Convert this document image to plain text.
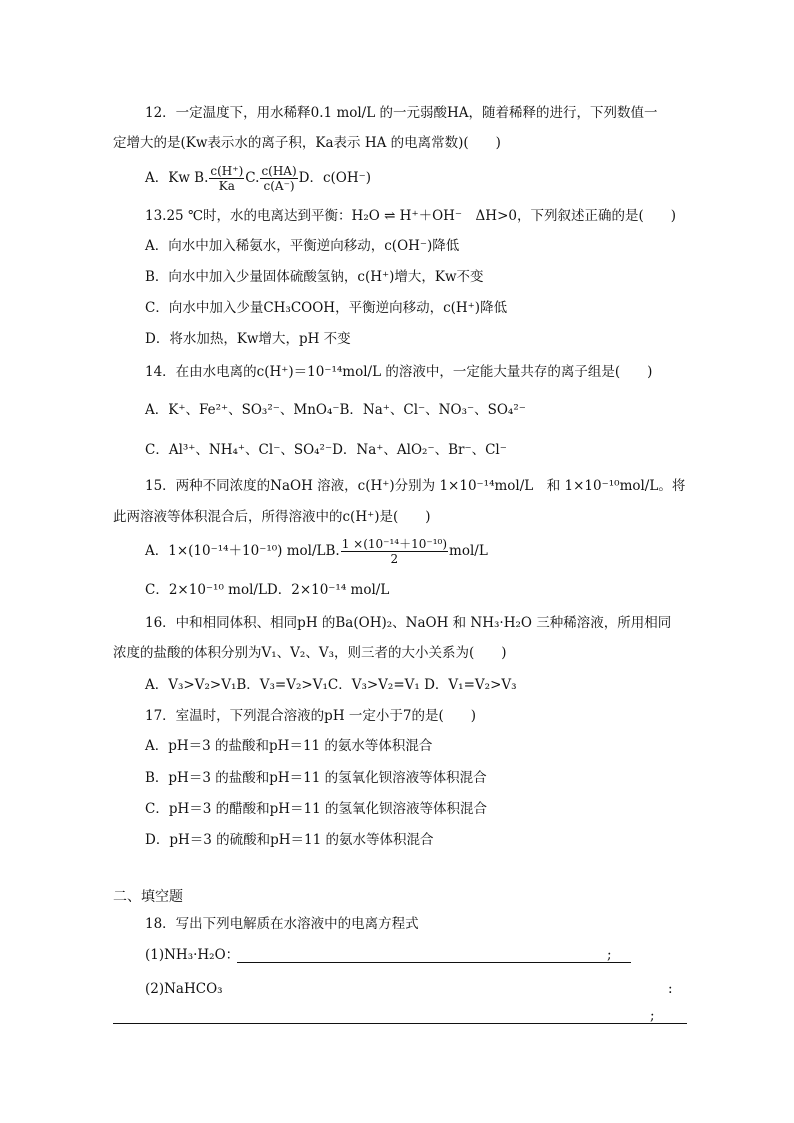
12．一定温度下，用水稀释0.1 mol/L 的一元弱酸HA，随着稀释的进行，下列数值一
定增大的是(Kw表示水的离子积，Ka表示 HA 的电离常数)(　　)
A．Kw B. $\frac{c(H^+)}{Ka} C$. $\frac{c(HA)}{c(A^-)}$ D．c(OH⁻)
13.25 ℃时，水的电离达到平衡：H₂O ⇌ H⁺＋OH⁻　ΔH>0，下列叙述正确的是(　　)
A．向水中加入稀氨水，平衡逆向移动，c(OH⁻)降低
B．向水中加入少量固体硫酸氢钠，c(H⁺)增大，Kw不变
C．向水中加入少量CH₃COOH，平衡逆向移动，c(H⁺)降低
D．将水加热，Kw增大，pH 不变
14．在由水电离的c(H⁺)＝10⁻¹⁴mol/L 的溶液中，一定能大量共存的离子组是(　　)
A．K⁺、Fe²⁺、SO₃²⁻、MnO₄⁻B．Na⁺、Cl⁻、NO₃⁻、SO₄²⁻
C．Al³⁺、NH₄⁺、Cl⁻、SO₄²⁻D．Na⁺、AlO₂⁻、Br⁻、Cl⁻
15．两种不同浓度的NaOH 溶液，c(H⁺)分别为 1×10⁻¹⁴mol/L　和 1×10⁻¹⁰mol/L。将
此两溶液等体积混合后，所得溶液中的c(H⁺)是(　　)
A．1×(10⁻¹⁴＋10⁻¹⁰) mol/LB. $\frac{\text{1 ×(10⁻¹⁴＋10⁻¹⁰)}}{2} mol/L$
C．2×10⁻¹⁰ mol/LD．2×10⁻¹⁴ mol/L
16．中和相同体积、相同pH 的Ba(OH)₂、NaOH 和 NH₃·H₂O 三种稀溶液，所用相同
浓度的盐酸的体积分别为V₁、V₂、V₃，则三者的大小关系为(　　)
A．V₃>V₂>V₁B．V₃=V₂>V₁C．V₃>V₂=V₁ D．V₁=V₂>V₃
17．室温时，下列混合溶液的pH 一定小于7的是(　　)
A．pH＝3 的盐酸和pH＝11 的氨水等体积混合
B．pH＝3 的盐酸和pH＝11 的氢氧化钡溶液等体积混合
C．pH＝3 的醋酸和pH＝11 的氢氧化钡溶液等体积混合
D．pH＝3 的硫酸和pH＝11 的氨水等体积混合
二、填空题
18．写出下列电解质在水溶液中的电离方程式
(1)NH₃·H₂O：	;
(2)NaHCO₃	:
;
